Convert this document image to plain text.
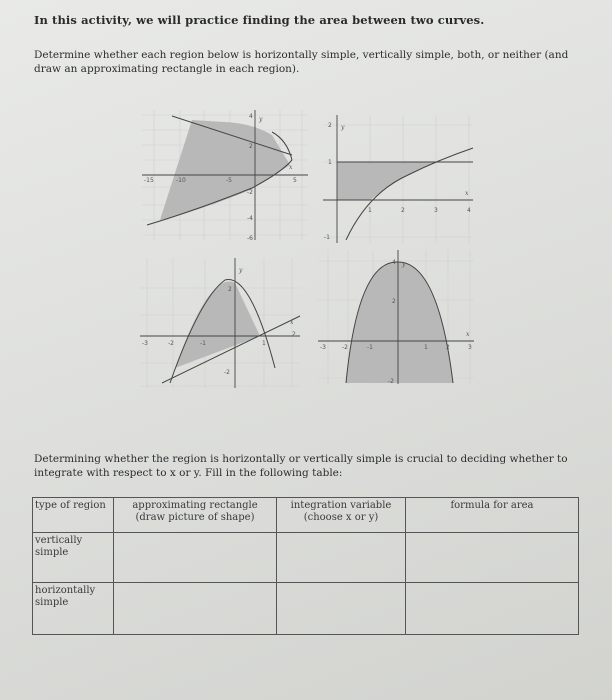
In this activity, we will practice finding the area between two curves.
Determine whether each region below is horizontally simple, vertically simple, both, or neither (and draw an approximating rectangle in each region).
-15	-10	-5	5
4
2
-2
-4
-6
x
y
1	2	3	4
2
1
-1
x
y
-3	-2	-1	1
2
2
-2
x
y
-3	-2	-1	1	2	3
4
2
-2
x
y
Determining whether the region is horizontally or vertically simple is crucial to deciding whether to integrate with respect to x or y. Fill in the following table:
type of region	approximating rectangle (draw picture of shape)	integration variable (choose x or y)	formula for area
vertically simple			
horizontally simple			
